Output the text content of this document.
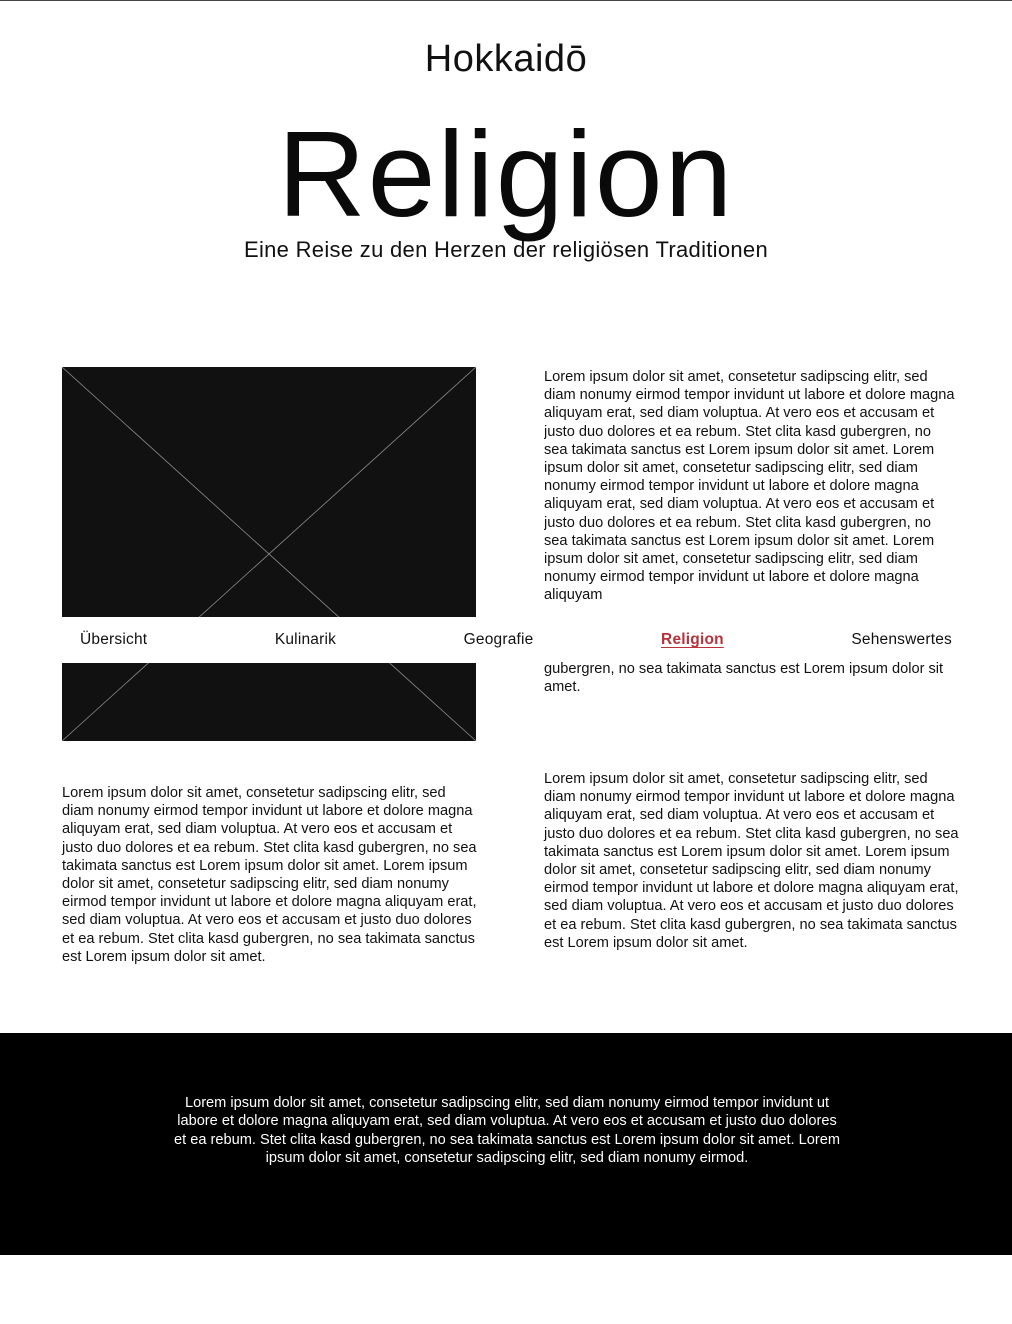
Hokkaidō
Religion
Eine Reise zu den Herzen der religiösen Traditionen

Lorem ipsum dolor sit amet, consetetur sadipscing elitr, sed diam nonumy eirmod tempor invidunt ut labore et dolore magna aliquyam erat, sed diam voluptua. At vero eos et accusam et justo duo dolores et ea rebum. Stet clita kasd gubergren, no sea takimata sanctus est Lorem ipsum dolor sit amet. Lorem ipsum dolor sit amet, consetetur sadipscing elitr, sed diam nonumy eirmod tempor invidunt ut labore et dolore magna aliquyam erat, sed diam voluptua. At vero eos et accusam et justo duo dolores et ea rebum. Stet clita kasd gubergren, no sea takimata sanctus est Lorem ipsum dolor sit amet. Lorem ipsum dolor sit amet, consetetur sadipscing elitr, sed diam nonumy eirmod tempor invidunt ut labore et dolore magna aliquyam

Übersicht	Kulinarik	Geografie	Religion	Sehenswertes

gubergren, no sea takimata sanctus est Lorem ipsum dolor sit amet.

Lorem ipsum dolor sit amet, consetetur sadipscing elitr, sed diam nonumy eirmod tempor invidunt ut labore et dolore magna aliquyam erat, sed diam voluptua. At vero eos et accusam et justo duo dolores et ea rebum. Stet clita kasd gubergren, no sea takimata sanctus est Lorem ipsum dolor sit amet. Lorem ipsum dolor sit amet, consetetur sadipscing elitr, sed diam nonumy eirmod tempor invidunt ut labore et dolore magna aliquyam erat, sed diam voluptua. At vero eos et accusam et justo duo dolores et ea rebum. Stet clita kasd gubergren, no sea takimata sanctus est Lorem ipsum dolor sit amet.

Lorem ipsum dolor sit amet, consetetur sadipscing elitr, sed diam nonumy eirmod tempor invidunt ut labore et dolore magna aliquyam erat, sed diam voluptua. At vero eos et accusam et justo duo dolores et ea rebum. Stet clita kasd gubergren, no sea takimata sanctus est Lorem ipsum dolor sit amet. Lorem ipsum dolor sit amet, consetetur sadipscing elitr, sed diam nonumy eirmod tempor invidunt ut labore et dolore magna aliquyam erat, sed diam voluptua. At vero eos et accusam et justo duo dolores et ea rebum. Stet clita kasd gubergren, no sea takimata sanctus est Lorem ipsum dolor sit amet.

Lorem ipsum dolor sit amet, consetetur sadipscing elitr, sed diam nonumy eirmod tempor invidunt ut labore et dolore magna aliquyam erat, sed diam voluptua. At vero eos et accusam et justo duo dolores et ea rebum. Stet clita kasd gubergren, no sea takimata sanctus est Lorem ipsum dolor sit amet. Lorem ipsum dolor sit amet, consetetur sadipscing elitr, sed diam nonumy eirmod.
